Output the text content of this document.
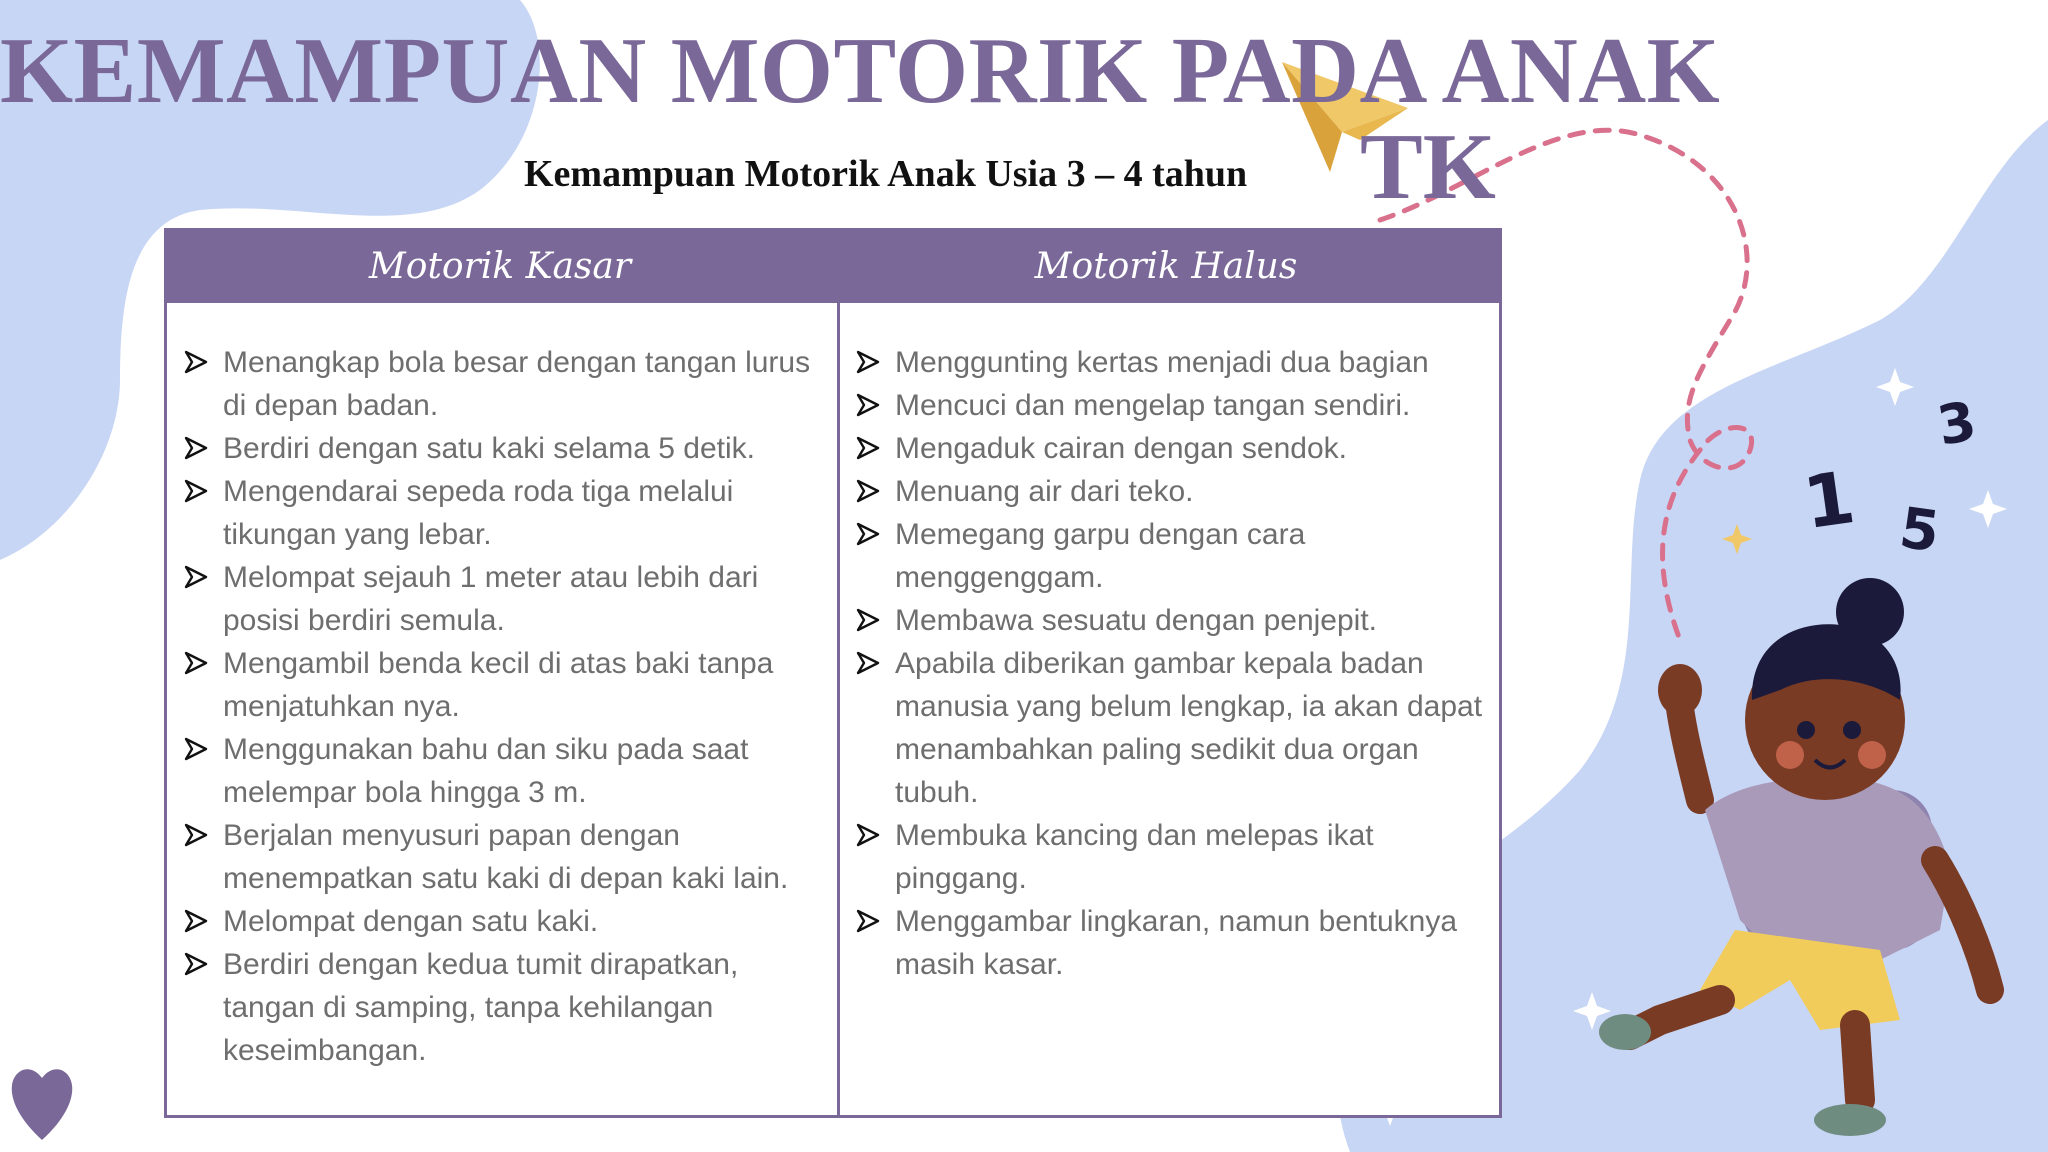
3
1 5
KEMAMPUAN MOTORIK PADA ANAK
TK
Kemampuan Motorik Anak Usia 3 – 4 tahun
Motorik Kasar	Motorik Halus
Menangkap bola besar dengan tangan lurus di depan badan.
Berdiri dengan satu kaki selama 5 detik.
Mengendarai sepeda roda tiga melalui tikungan yang lebar.
Melompat sejauh 1 meter atau lebih dari posisi berdiri semula.
Mengambil benda kecil di atas baki tanpa menjatuhkan nya.
Menggunakan bahu dan siku pada saat melempar bola hingga 3 m.
Berjalan menyusuri papan dengan menempatkan satu kaki di depan kaki lain.
Melompat dengan satu kaki.
Berdiri dengan kedua tumit dirapatkan, tangan di samping, tanpa kehilangan keseimbangan.
Menggunting kertas menjadi dua bagian
Mencuci dan mengelap tangan sendiri.
Mengaduk cairan dengan sendok.
Menuang air dari teko.
Memegang garpu dengan cara menggenggam.
Membawa sesuatu dengan penjepit.
Apabila diberikan gambar kepala badan manusia yang belum lengkap, ia akan dapat menambahkan paling sedikit dua organ tubuh.
Membuka kancing dan melepas ikat pinggang.
Menggambar lingkaran, namun bentuknya masih kasar.
